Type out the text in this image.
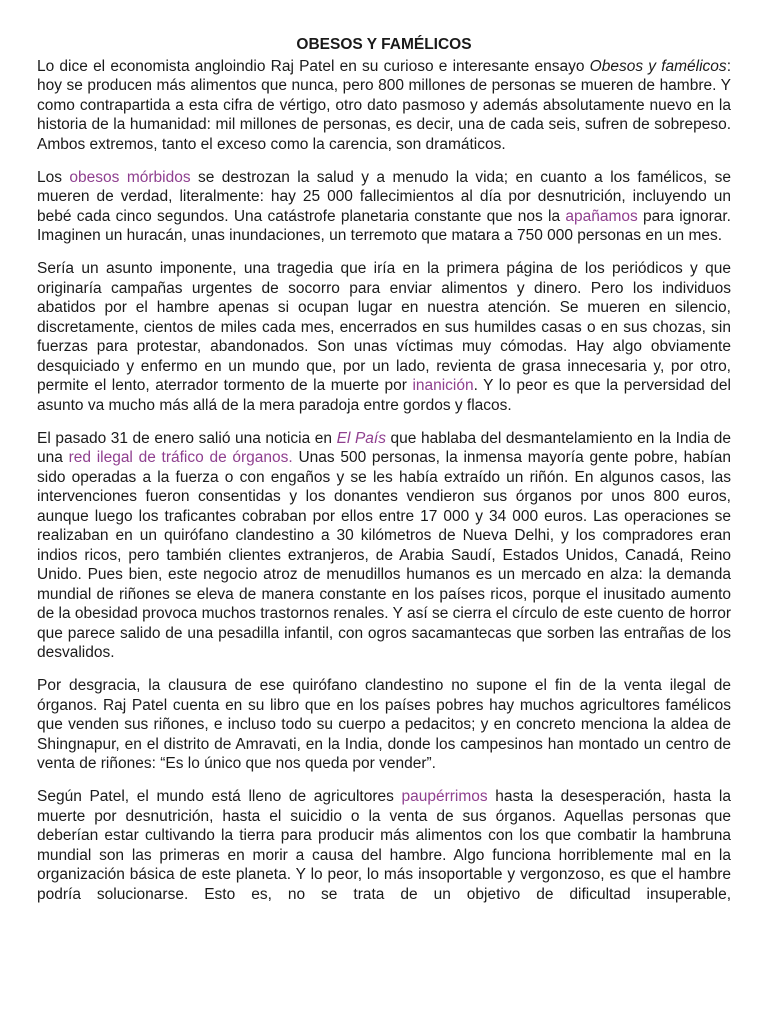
OBESOS Y FAMÉLICOS

Lo dice el economista angloindio Raj Patel en su curioso e interesante ensayo Obesos y famélicos: hoy se producen más alimentos que nunca, pero 800 millones de personas se mueren de hambre. Y como contrapartida a esta cifra de vértigo, otro dato pasmoso y además absolutamente nuevo en la historia de la humanidad: mil millones de personas, es decir, una de cada seis, sufren de sobrepeso. Ambos extremos, tanto el exceso como la carencia, son dramáticos.

Los obesos mórbidos se destrozan la salud y a menudo la vida; en cuanto a los famélicos, se mueren de verdad, literalmente: hay 25 000 fallecimientos al día por desnutrición, incluyendo un bebé cada cinco segundos. Una catástrofe planetaria constante que nos la apañamos para ignorar. Imaginen un huracán, unas inundaciones, un terremoto que matara a 750 000 personas en un mes.

Sería un asunto imponente, una tragedia que iría en la primera página de los periódicos y que originaría campañas urgentes de socorro para enviar alimentos y dinero. Pero los individuos abatidos por el hambre apenas si ocupan lugar en nuestra atención. Se mueren en silencio, discretamente, cientos de miles cada mes, encerrados en sus humildes casas o en sus chozas, sin fuerzas para protestar, abandonados. Son unas víctimas muy cómodas. Hay algo obviamente desquiciado y enfermo en un mundo que, por un lado, revienta de grasa innecesaria y, por otro, permite el lento, aterrador tormento de la muerte por inanición. Y lo peor es que la perversidad del asunto va mucho más allá de la mera paradoja entre gordos y flacos.

El pasado 31 de enero salió una noticia en El País que hablaba del desmantelamiento en la India de una red ilegal de tráfico de órganos. Unas 500 personas, la inmensa mayoría gente pobre, habían sido operadas a la fuerza o con engaños y se les había extraído un riñón. En algunos casos, las intervenciones fueron consentidas y los donantes vendieron sus órganos por unos 800 euros, aunque luego los traficantes cobraban por ellos entre 17 000 y 34 000 euros. Las operaciones se realizaban en un quirófano clandestino a 30 kilómetros de Nueva Delhi, y los compradores eran indios ricos, pero también clientes extranjeros, de Arabia Saudí, Estados Unidos, Canadá, Reino Unido. Pues bien, este negocio atroz de menudillos humanos es un mercado en alza: la demanda mundial de riñones se eleva de manera constante en los países ricos, porque el inusitado aumento de la obesidad provoca muchos trastornos renales. Y así se cierra el círculo de este cuento de horror que parece salido de una pesadilla infantil, con ogros sacamantecas que sorben las entrañas de los desvalidos.

Por desgracia, la clausura de ese quirófano clandestino no supone el fin de la venta ilegal de órganos. Raj Patel cuenta en su libro que en los países pobres hay muchos agricultores famélicos que venden sus riñones, e incluso todo su cuerpo a pedacitos; y en concreto menciona la aldea de Shingnapur, en el distrito de Amravati, en la India, donde los campesinos han montado un centro de venta de riñones: “Es lo único que nos queda por vender”.

Según Patel, el mundo está lleno de agricultores paupérrimos hasta la desesperación, hasta la muerte por desnutrición, hasta el suicidio o la venta de sus órganos. Aquellas personas que deberían estar cultivando la tierra para producir más alimentos con los que combatir la hambruna mundial son las primeras en morir a causa del hambre. Algo funciona horriblemente mal en la organización básica de este planeta. Y lo peor, lo más insoportable y vergonzoso, es que el hambre podría solucionarse. Esto es, no se trata de un objetivo de dificultad insuperable,
